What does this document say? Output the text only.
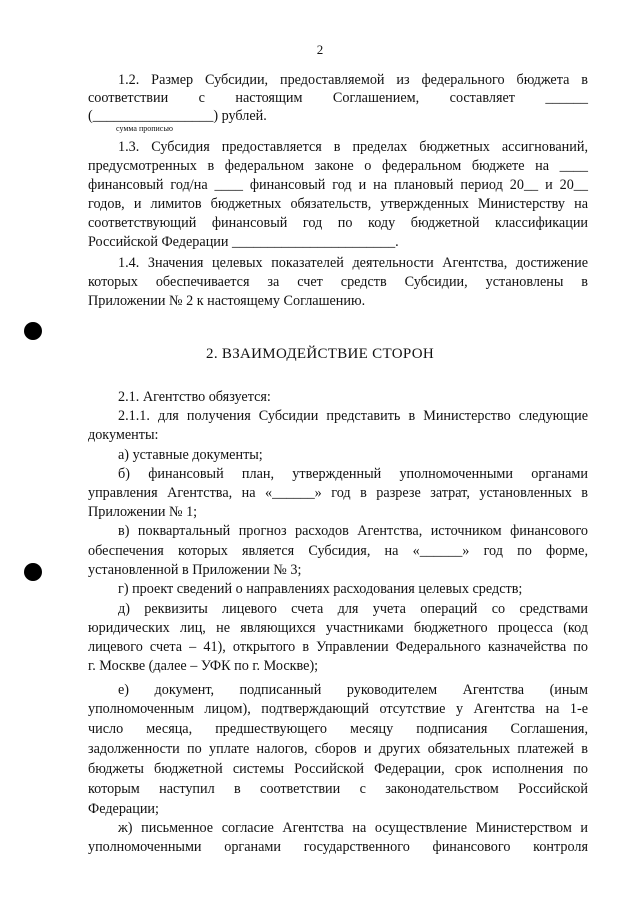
2
1.2. Размер Субсидии, предоставляемой из федерального бюджета в
соответствии с настоящим Соглашением, составляет ______
(_________________) рублей.
сумма прописью
1.3. Субсидия предоставляется в пределах бюджетных ассигнований,
предусмотренных в федеральном законе о федеральном бюджете на ____
финансовый год/на ____ финансовый год и на плановый период 20__ и 20__
годов, и лимитов бюджетных обязательств, утвержденных Министерству на
соответствующий финансовый год по коду бюджетной классификации
Российской Федерации _______________________.
1.4. Значения целевых показателей деятельности Агентства, достижение
которых обеспечивается за счет средств Субсидии, установлены в
Приложении № 2 к настоящему Соглашению.
2. ВЗАИМОДЕЙСТВИЕ СТОРОН
2.1. Агентство обязуется:
2.1.1. для получения Субсидии представить в Министерство следующие
документы:
а) уставные документы;
б) финансовый план, утвержденный уполномоченными органами
управления Агентства, на «______» год в разрезе затрат, установленных в
Приложении № 1;
в) поквартальный прогноз расходов Агентства, источником финансового
обеспечения которых является Субсидия, на «______» год по форме,
установленной в Приложении № 3;
г) проект сведений о направлениях расходования целевых средств;
д) реквизиты лицевого счета для учета операций со средствами
юридических лиц, не являющихся участниками бюджетного процесса (код
лицевого счета – 41), открытого в Управлении Федерального казначейства по
г. Москве (далее – УФК по г. Москве);
е) документ, подписанный руководителем Агентства (иным
уполномоченным лицом), подтверждающий отсутствие у Агентства на 1-е
число месяца, предшествующего месяцу подписания Соглашения,
задолженности по уплате налогов, сборов и других обязательных платежей в
бюджеты бюджетной системы Российской Федерации, срок исполнения по
которым наступил в соответствии с законодательством Российской
Федерации;
ж) письменное согласие Агентства на осуществление Министерством и
уполномоченными органами государственного финансового контроля
